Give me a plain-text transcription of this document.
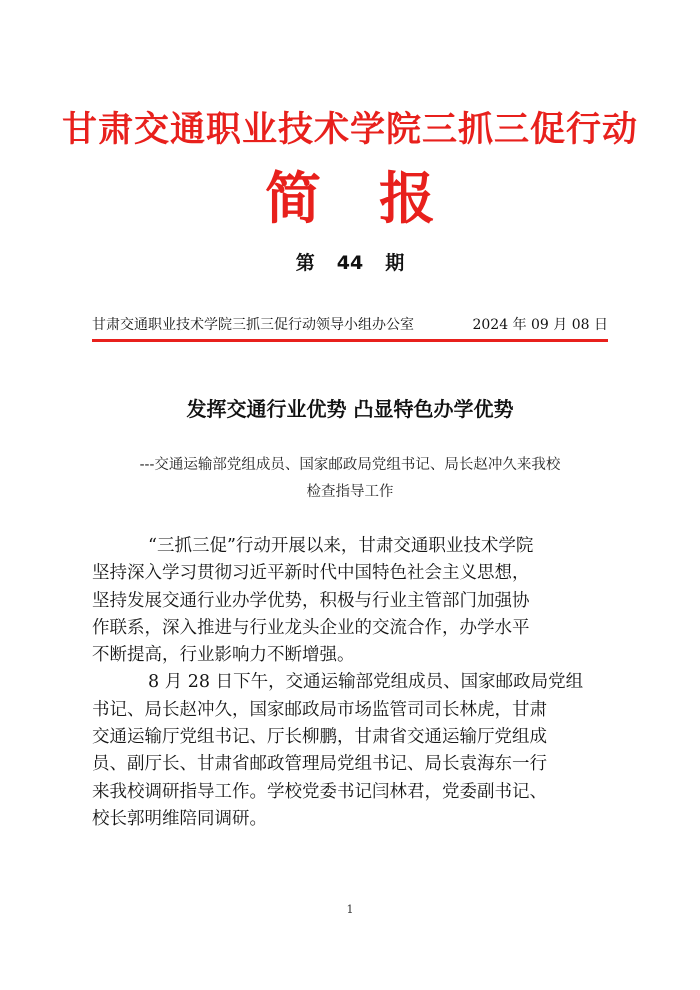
甘肃交通职业技术学院三抓三促行动
简 报
第 44 期
甘肃交通职业技术学院三抓三促行动领导小组办公室	2024 年 09 月 08 日
发挥交通行业优势 凸显特色办学优势
---交通运输部党组成员、国家邮政局党组书记、局长赵冲久来我校
检查指导工作
“三抓三促”行动开展以来，甘肃交通职业技术学院
坚持深入学习贯彻习近平新时代中国特色社会主义思想，
坚持发展交通行业办学优势，积极与行业主管部门加强协
作联系，深入推进与行业龙头企业的交流合作，办学水平
不断提高，行业影响力不断增强。
8 月 28 日下午，交通运输部党组成员、国家邮政局党组
书记、局长赵冲久，国家邮政局市场监管司司长林虎，甘肃
交通运输厅党组书记、厅长柳鹏，甘肃省交通运输厅党组成
员、副厅长、甘肃省邮政管理局党组书记、局长袁海东一行
来我校调研指导工作。学校党委书记闫林君，党委副书记、
校长郭明维陪同调研。
1
